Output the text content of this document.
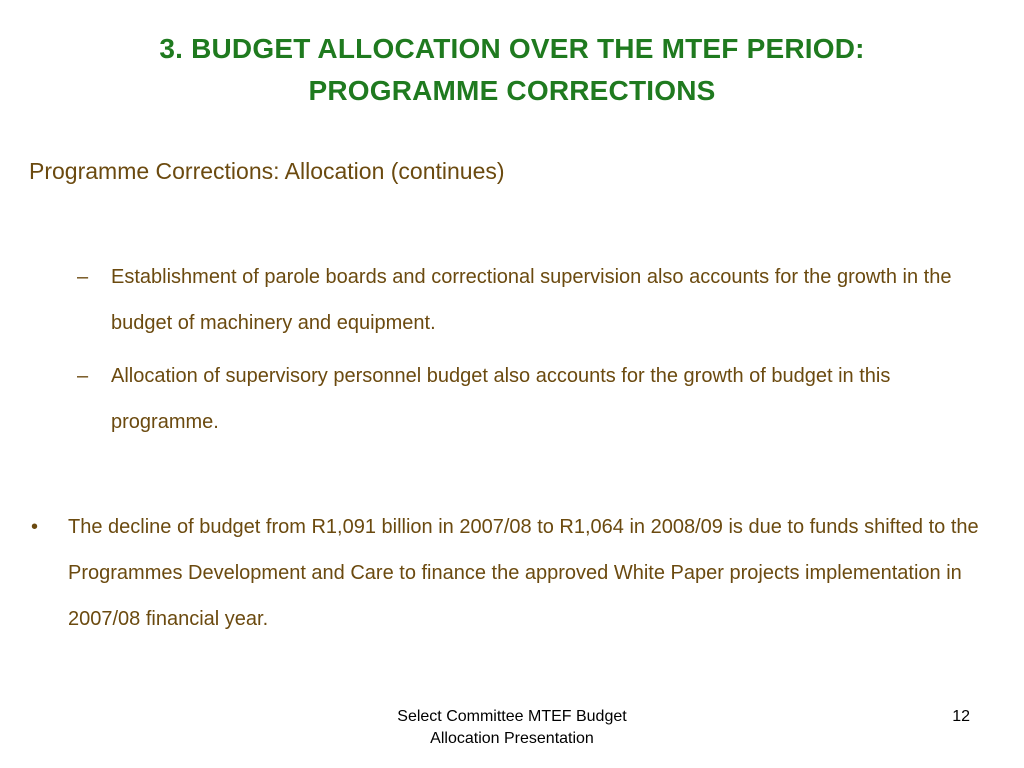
3. BUDGET ALLOCATION OVER THE MTEF PERIOD:
PROGRAMME CORRECTIONS
Programme Corrections: Allocation (continues)
–	Establishment of parole boards and correctional supervision also accounts for the growth in the budget of machinery and equipment.
–	Allocation of supervisory personnel budget also accounts for the growth of budget in this programme.
•	The decline of budget from R1,091 billion in 2007/08 to R1,064 in 2008/09 is due to funds shifted to the Programmes Development and Care to finance the approved White Paper projects implementation in 2007/08 financial year.
Select Committee MTEF Budget
Allocation Presentation
12
